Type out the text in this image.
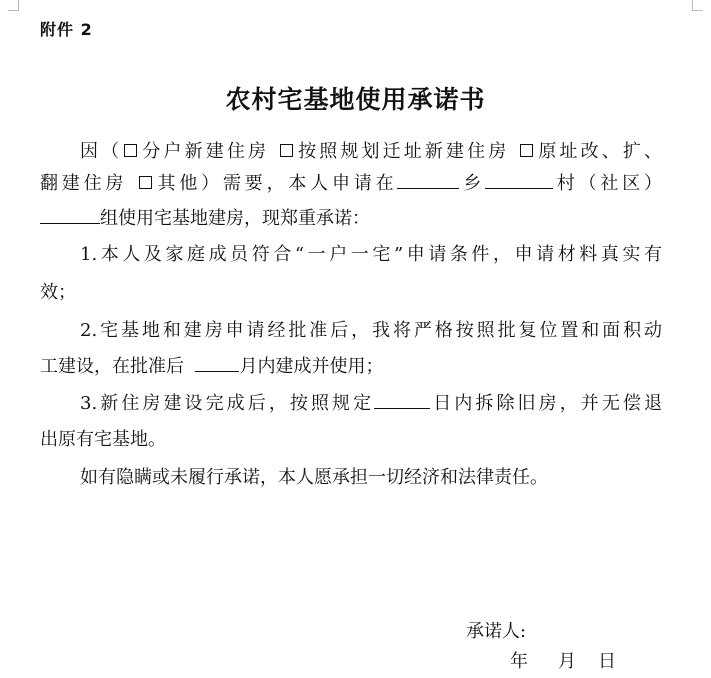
附件 2
农村宅基地使用承诺书
因（ 分户新建住房 按照规划迁址新建住房 原址改、扩、
翻建住房 其他）需要，本人申请在	乡	村（社区）
组使用宅基地建房，现郑重承诺：
1.本人及家庭成员符合“一户一宅”申请条件，申请材料真实有
效；
2.宅基地和建房申请经批准后，我将严格按照批复位置和面积动
工建设，在批准后	月内建成并使用；
3.新住房建设完成后，按照规定	日内拆除旧房，并无偿退
出原有宅基地。
如有隐瞒或未履行承诺，本人愿承担一切经济和法律责任。
承诺人:
年 月 日
